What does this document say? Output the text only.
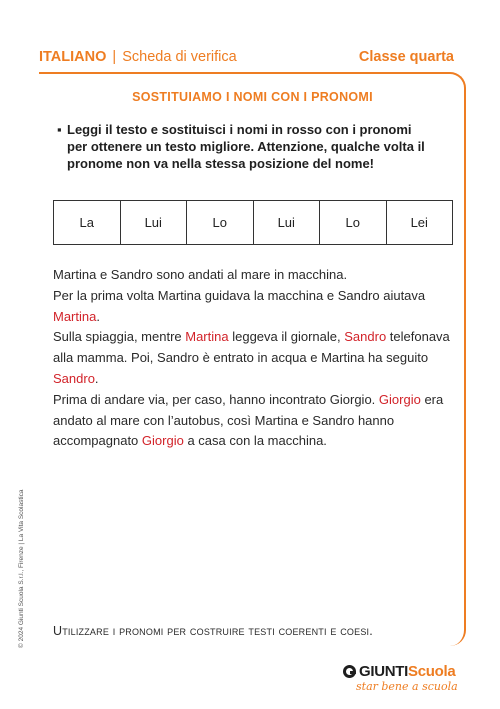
ITALIANO | Scheda di verifica	Classe quarta
SOSTITUIAMO I NOMI CON I PRONOMI
▪ Leggi il testo e sostituisci i nomi in rosso con i pronomi per ottenere un testo migliore. Attenzione, qualche volta il pronome non va nella stessa posizione del nome!
La	Lui	Lo	Lui	Lo	Lei
Martina e Sandro sono andati al mare in macchina.
Per la prima volta Martina guidava la macchina e Sandro aiutava Martina.
Sulla spiaggia, mentre Martina leggeva il giornale, Sandro telefonava alla mamma. Poi, Sandro è entrato in acqua e Martina ha seguito Sandro.
Prima di andare via, per caso, hanno incontrato Giorgio. Giorgio era andato al mare con l’autobus, così Martina e Sandro hanno accompagnato Giorgio a casa con la macchina.
Utilizzare i pronomi per costruire testi coerenti e coesi.
© 2024 Giunti Scuola S.r.l., Firenze | La Vita Scolastica
GIUNTIScuola
star bene a scuola
